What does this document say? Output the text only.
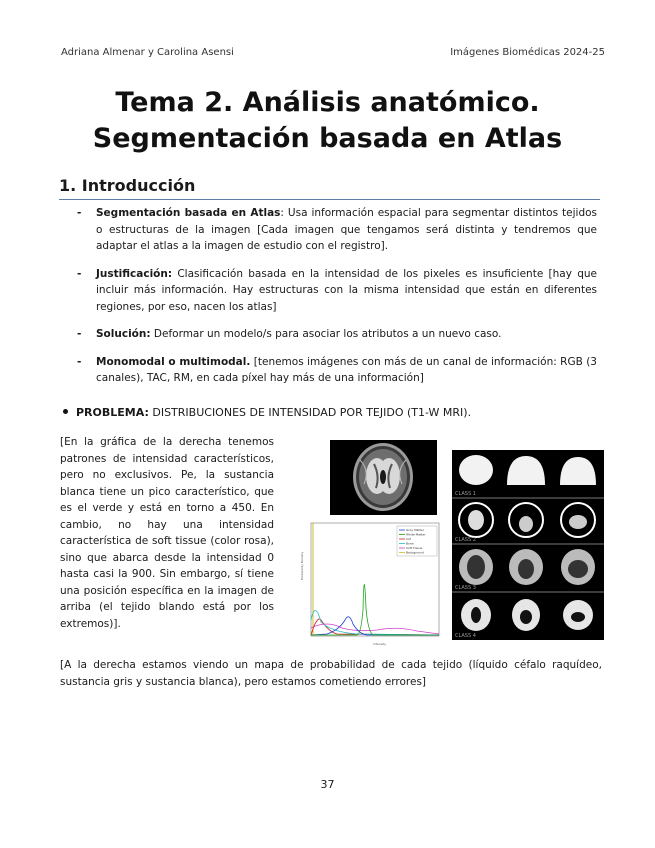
Adriana Almenar y Carolina Asensi	Imágenes Biomédicas 2024-25
Tema 2. Análisis anatómico.
Segmentación basada en Atlas
1. Introducción
- Segmentación basada en Atlas: Usa información espacial para segmentar distintos tejidos o estructuras de la imagen [Cada imagen que tengamos será distinta y tendremos que adaptar el atlas a la imagen de estudio con el registro].
- Justificación: Clasificación basada en la intensidad de los pixeles es insuficiente [hay que incluir más información. Hay estructuras con la misma intensidad que están en diferentes regiones, por eso, nacen los atlas]
- Solución: Deformar un modelo/s para asociar los atributos a un nuevo caso.
- Monomodal o multimodal. [tenemos imágenes con más de un canal de información: RGB (3 canales), TAC, RM, en cada píxel hay más de una información]
PROBLEMA: DISTRIBUCIONES DE INTENSIDAD POR TEJIDO (T1-W MRI).
[En la gráfica de la derecha tenemos patrones de intensidad característicos, pero no exclusivos. Pe, la sustancia blanca tiene un pico característico, que es el verde y está en torno a 450. En cambio, no hay una intensidad característica de soft tissue (color rosa), sino que abarca desde la intensidad 0 hasta casi la 900. Sin embargo, sí tiene una posición específica en la imagen de arriba (el tejido blando está por los extremos)].
Probability Density
Intensity
Grey Matter
White Matter
Csf
Bone
Soft Tissue
Background
CLASS 1
CLASS 2
CLASS 3
CLASS 4
[A la derecha estamos viendo un mapa de probabilidad de cada tejido (líquido céfalo raquídeo, sustancia gris y sustancia blanca), pero estamos cometiendo errores]
37
